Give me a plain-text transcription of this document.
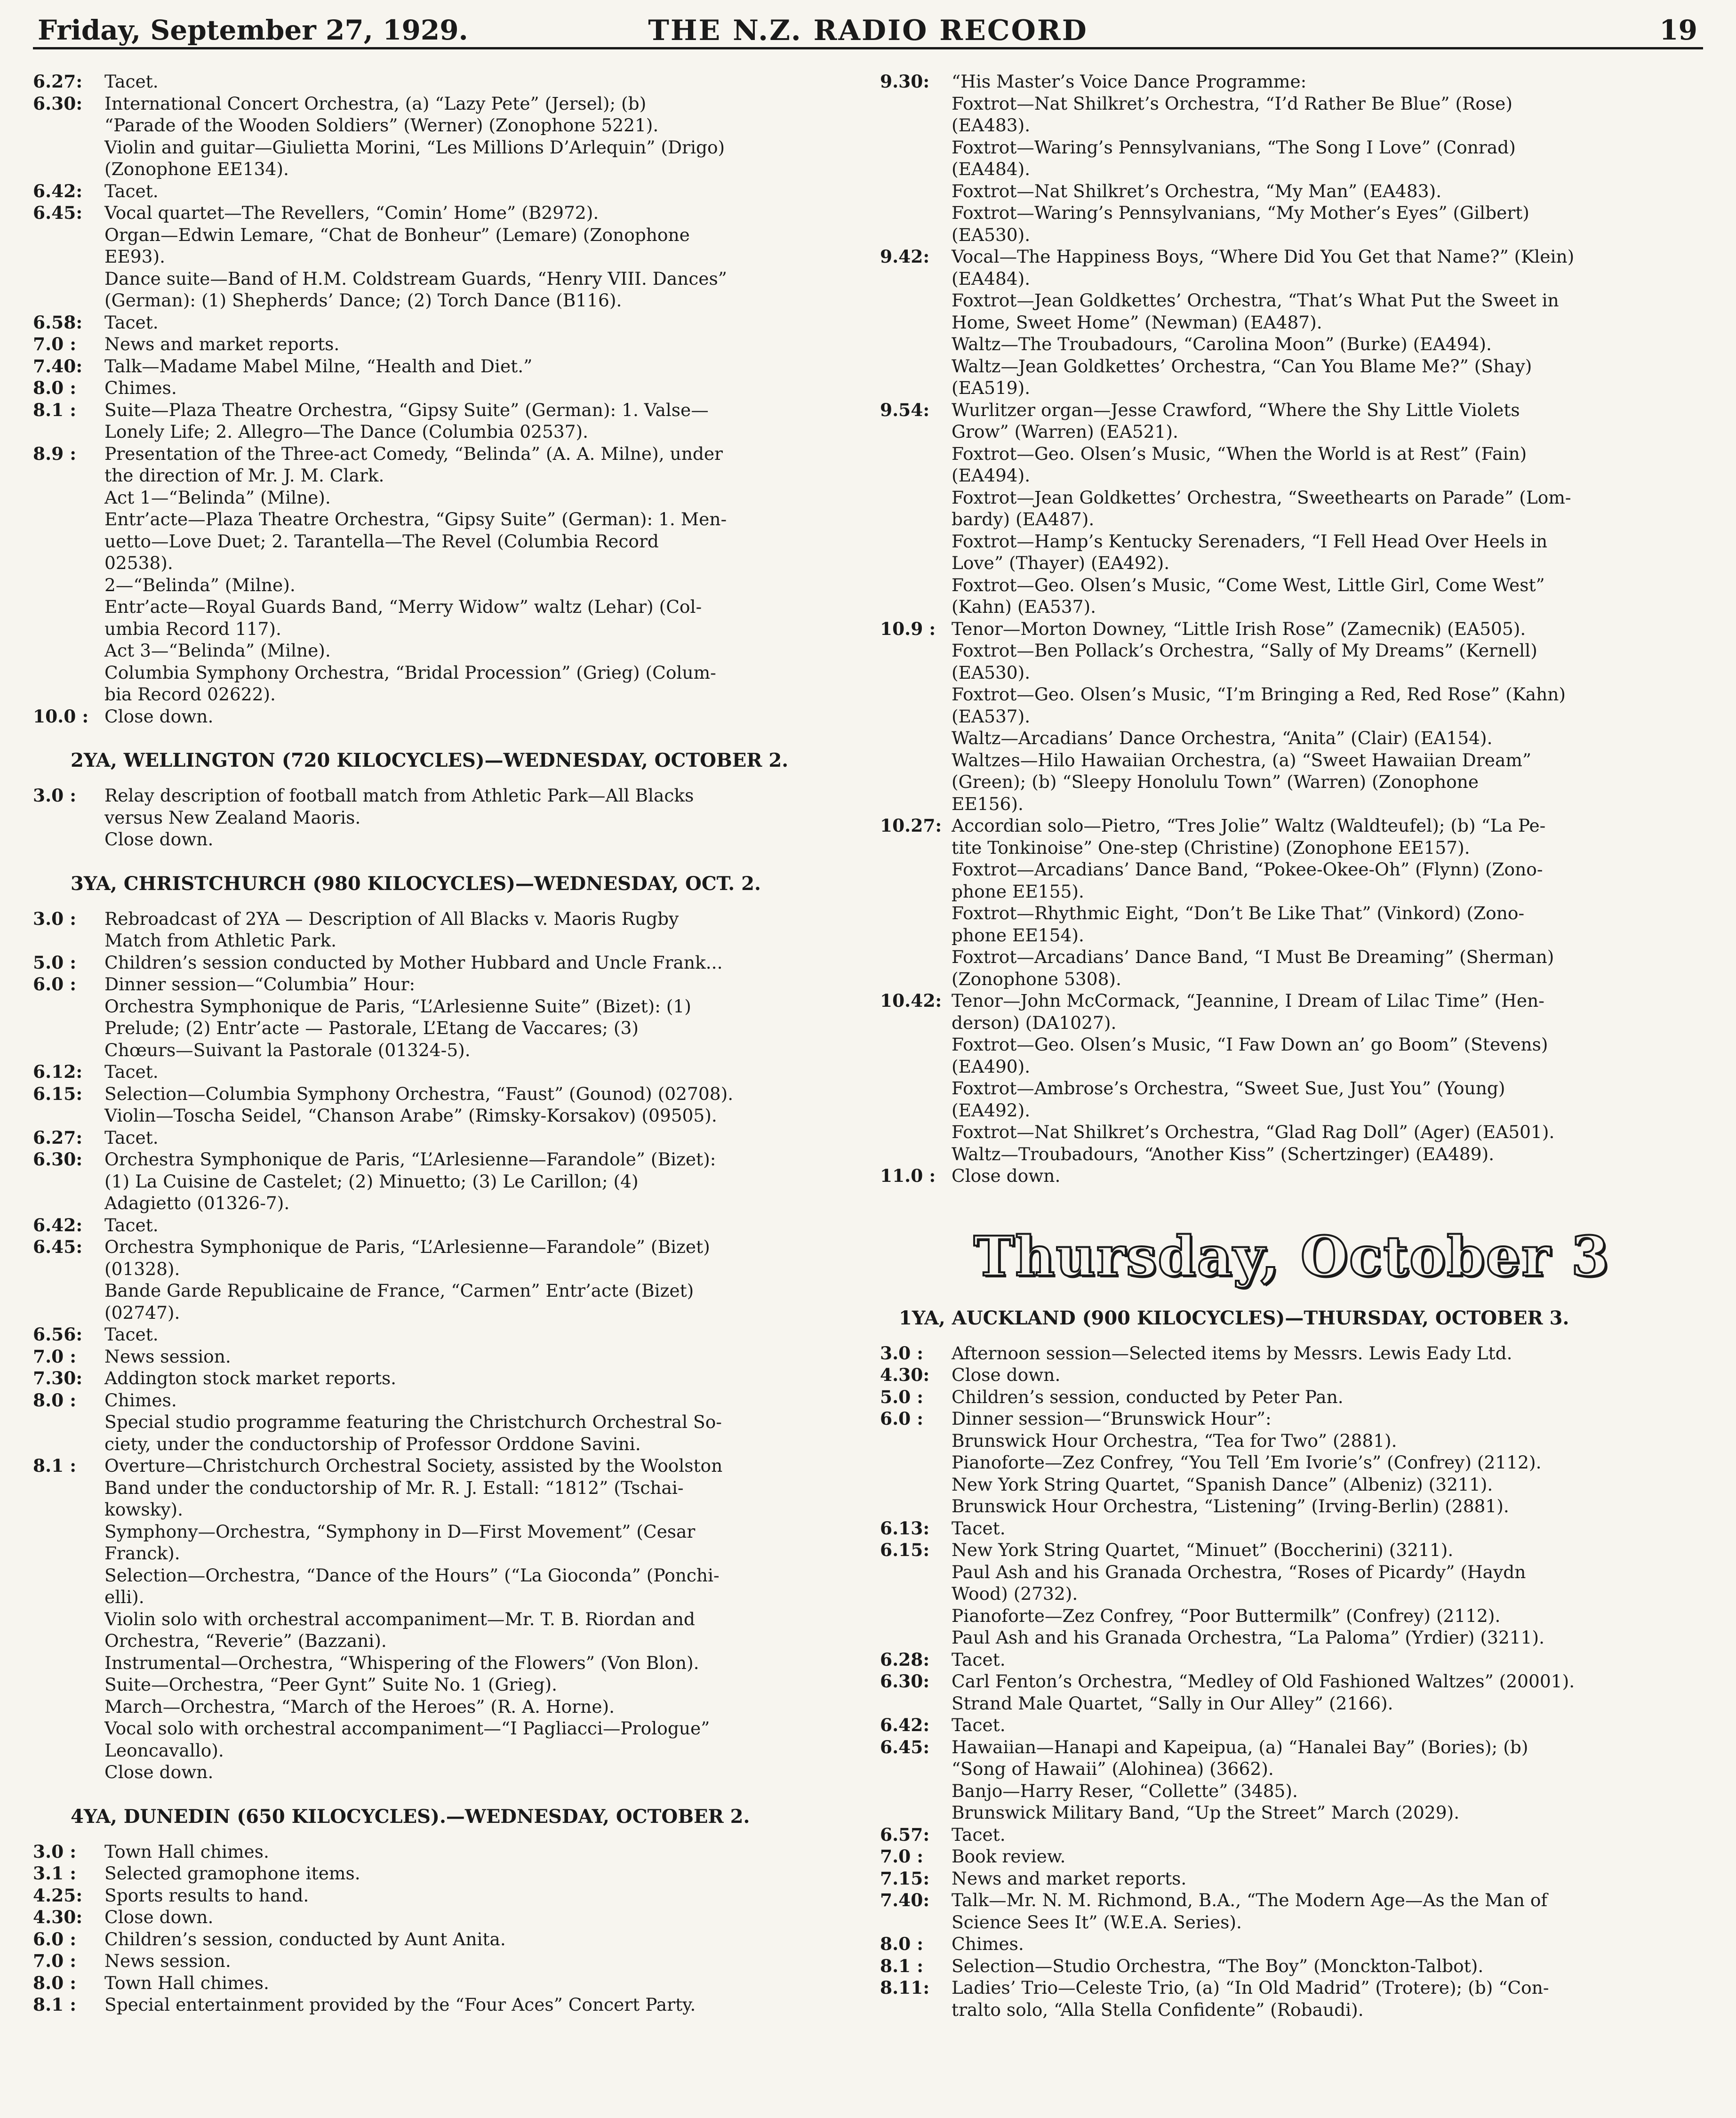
Friday, September 27, 1929.	THE N.Z. RADIO RECORD	19
6.27:	Tacet.
6.30:	International Concert Orchestra, (a) “Lazy Pete” (Jersel); (b)
“Parade of the Wooden Soldiers” (Werner) (Zonophone 5221).
Violin and guitar—Giulietta Morini, “Les Millions D’Arlequin” (Drigo)
(Zonophone EE134).
6.42:	Tacet.
6.45:	Vocal quartet—The Revellers, “Comin’ Home” (B2972).
Organ—Edwin Lemare, “Chat de Bonheur” (Lemare) (Zonophone
EE93).
Dance suite—Band of H.M. Coldstream Guards, “Henry VIII. Dances”
(German): (1) Shepherds’ Dance; (2) Torch Dance (B116).
6.58:	Tacet.
7.0 :	News and market reports.
7.40:	Talk—Madame Mabel Milne, “Health and Diet.”
8.0 :	Chimes.
8.1 :	Suite—Plaza Theatre Orchestra, “Gipsy Suite” (German): 1. Valse—
Lonely Life; 2. Allegro—The Dance (Columbia 02537).
8.9 :	Presentation of the Three-act Comedy, “Belinda” (A. A. Milne), under
the direction of Mr. J. M. Clark.
Act 1—“Belinda” (Milne).
Entr’acte—Plaza Theatre Orchestra, “Gipsy Suite” (German): 1. Men-
uetto—Love Duet; 2. Tarantella—The Revel (Columbia Record
02538).
2—“Belinda” (Milne).
Entr’acte—Royal Guards Band, “Merry Widow” waltz (Lehar) (Col-
umbia Record 117).
Act 3—“Belinda” (Milne).
Columbia Symphony Orchestra, “Bridal Procession” (Grieg) (Colum-
bia Record 02622).
10.0 : Close down.
2YA, WELLINGTON (720 KILOCYCLES)—WEDNESDAY, OCTOBER 2.
3.0 :	Relay description of football match from Athletic Park—All Blacks
versus New Zealand Maoris.
Close down.
3YA, CHRISTCHURCH (980 KILOCYCLES)—WEDNESDAY, OCT. 2.
3.0 :	Rebroadcast of 2YA — Description of All Blacks v. Maoris Rugby
Match from Athletic Park.
5.0 :	Children’s session conducted by Mother Hubbard and Uncle Frank...
6.0 :	Dinner session—“Columbia” Hour:
Orchestra Symphonique de Paris, “L’Arlesienne Suite” (Bizet): (1)
Prelude; (2) Entr’acte — Pastorale, L’Etang de Vaccares; (3)
Chœurs—Suivant la Pastorale (01324-5).
6.12:	Tacet.
6.15:	Selection—Columbia Symphony Orchestra, “Faust” (Gounod) (02708).
Violin—Toscha Seidel, “Chanson Arabe” (Rimsky-Korsakov) (09505).
6.27:	Tacet.
6.30:	Orchestra Symphonique de Paris, “L’Arlesienne—Farandole” (Bizet):
(1) La Cuisine de Castelet; (2) Minuetto; (3) Le Carillon; (4)
Adagietto (01326-7).
6.42:	Tacet.
6.45:	Orchestra Symphonique de Paris, “L’Arlesienne—Farandole” (Bizet)
(01328).
Bande Garde Republicaine de France, “Carmen” Entr’acte (Bizet)
(02747).
6.56:	Tacet.
7.0 :	News session.
7.30:	Addington stock market reports.
8.0 :	Chimes.
Special studio programme featuring the Christchurch Orchestral So-
ciety, under the conductorship of Professor Orddone Savini.
8.1 :	Overture—Christchurch Orchestral Society, assisted by the Woolston
Band under the conductorship of Mr. R. J. Estall: “1812” (Tschai-
kowsky).
Symphony—Orchestra, “Symphony in D—First Movement” (Cesar
Franck).
Selection—Orchestra, “Dance of the Hours” (“La Gioconda” (Ponchi-
elli).
Violin solo with orchestral accompaniment—Mr. T. B. Riordan and
Orchestra, “Reverie” (Bazzani).
Instrumental—Orchestra, “Whispering of the Flowers” (Von Blon).
Suite—Orchestra, “Peer Gynt” Suite No. 1 (Grieg).
March—Orchestra, “March of the Heroes” (R. A. Horne).
Vocal solo with orchestral accompaniment—“I Pagliacci—Prologue”
Leoncavallo).
Close down.
4YA, DUNEDIN (650 KILOCYCLES).—WEDNESDAY, OCTOBER 2.
3.0 :	Town Hall chimes.
3.1 :	Selected gramophone items.
4.25:	Sports results to hand.
4.30:	Close down.
6.0 :	Children’s session, conducted by Aunt Anita.
7.0 :	News session.
8.0 :	Town Hall chimes.
8.1 :	Special entertainment provided by the “Four Aces” Concert Party.
9.30:	“His Master’s Voice Dance Programme:
Foxtrot—Nat Shilkret’s Orchestra, “I’d Rather Be Blue” (Rose)
(EA483).
Foxtrot—Waring’s Pennsylvanians, “The Song I Love” (Conrad)
(EA484).
Foxtrot—Nat Shilkret’s Orchestra, “My Man” (EA483).
Foxtrot—Waring’s Pennsylvanians, “My Mother’s Eyes” (Gilbert)
(EA530).
9.42:	Vocal—The Happiness Boys, “Where Did You Get that Name?” (Klein)
(EA484).
Foxtrot—Jean Goldkettes’ Orchestra, “That’s What Put the Sweet in
Home, Sweet Home” (Newman) (EA487).
Waltz—The Troubadours, “Carolina Moon” (Burke) (EA494).
Waltz—Jean Goldkettes’ Orchestra, “Can You Blame Me?” (Shay)
(EA519).
9.54:	Wurlitzer organ—Jesse Crawford, “Where the Shy Little Violets
Grow” (Warren) (EA521).
Foxtrot—Geo. Olsen’s Music, “When the World is at Rest” (Fain)
(EA494).
Foxtrot—Jean Goldkettes’ Orchestra, “Sweethearts on Parade” (Lom-
bardy) (EA487).
Foxtrot—Hamp’s Kentucky Serenaders, “I Fell Head Over Heels in
Love” (Thayer) (EA492).
Foxtrot—Geo. Olsen’s Music, “Come West, Little Girl, Come West”
(Kahn) (EA537).
10.9 : Tenor—Morton Downey, “Little Irish Rose” (Zamecnik) (EA505).
Foxtrot—Ben Pollack’s Orchestra, “Sally of My Dreams” (Kernell)
(EA530).
Foxtrot—Geo. Olsen’s Music, “I’m Bringing a Red, Red Rose” (Kahn)
(EA537).
Waltz—Arcadians’ Dance Orchestra, “Anita” (Clair) (EA154).
Waltzes—Hilo Hawaiian Orchestra, (a) “Sweet Hawaiian Dream”
(Green); (b) “Sleepy Honolulu Town” (Warren) (Zonophone
EE156).
10.27: Accordian solo—Pietro, “Tres Jolie” Waltz (Waldteufel); (b) “La Pe-
tite Tonkinoise” One-step (Christine) (Zonophone EE157).
Foxtrot—Arcadians’ Dance Band, “Pokee-Okee-Oh” (Flynn) (Zono-
phone EE155).
Foxtrot—Rhythmic Eight, “Don’t Be Like That” (Vinkord) (Zono-
phone EE154).
Foxtrot—Arcadians’ Dance Band, “I Must Be Dreaming” (Sherman)
(Zonophone 5308).
10.42: Tenor—John McCormack, “Jeannine, I Dream of Lilac Time” (Hen-
derson) (DA1027).
Foxtrot—Geo. Olsen’s Music, “I Faw Down an’ go Boom” (Stevens)
(EA490).
Foxtrot—Ambrose’s Orchestra, “Sweet Sue, Just You” (Young)
(EA492).
Foxtrot—Nat Shilkret’s Orchestra, “Glad Rag Doll” (Ager) (EA501).
Waltz—Troubadours, “Another Kiss” (Schertzinger) (EA489).
11.0 : Close down.
Thursday, October 3
1YA, AUCKLAND (900 KILOCYCLES)—THURSDAY, OCTOBER 3.
3.0 :	Afternoon session—Selected items by Messrs. Lewis Eady Ltd.
4.30:	Close down.
5.0 :	Children’s session, conducted by Peter Pan.
6.0 :	Dinner session—“Brunswick Hour”:
Brunswick Hour Orchestra, “Tea for Two” (2881).
Pianoforte—Zez Confrey, “You Tell ’Em Ivorie’s” (Confrey) (2112).
New York String Quartet, “Spanish Dance” (Albeniz) (3211).
Brunswick Hour Orchestra, “Listening” (Irving-Berlin) (2881).
6.13:	Tacet.
6.15:	New York String Quartet, “Minuet” (Boccherini) (3211).
Paul Ash and his Granada Orchestra, “Roses of Picardy” (Haydn
Wood) (2732).
Pianoforte—Zez Confrey, “Poor Buttermilk” (Confrey) (2112).
Paul Ash and his Granada Orchestra, “La Paloma” (Yrdier) (3211).
6.28:	Tacet.
6.30:	Carl Fenton’s Orchestra, “Medley of Old Fashioned Waltzes” (20001).
Strand Male Quartet, “Sally in Our Alley” (2166).
6.42:	Tacet.
6.45:	Hawaiian—Hanapi and Kapeipua, (a) “Hanalei Bay” (Bories); (b)
“Song of Hawaii” (Alohinea) (3662).
Banjo—Harry Reser, “Collette” (3485).
Brunswick Military Band, “Up the Street” March (2029).
6.57:	Tacet.
7.0 :	Book review.
7.15:	News and market reports.
7.40:	Talk—Mr. N. M. Richmond, B.A., “The Modern Age—As the Man of
Science Sees It” (W.E.A. Series).
8.0 :	Chimes.
8.1 :	Selection—Studio Orchestra, “The Boy” (Monckton-Talbot).
8.11:	Ladies’ Trio—Celeste Trio, (a) “In Old Madrid” (Trotere); (b) “Con-
tralto solo, “Alla Stella Confidente” (Robaudi).
